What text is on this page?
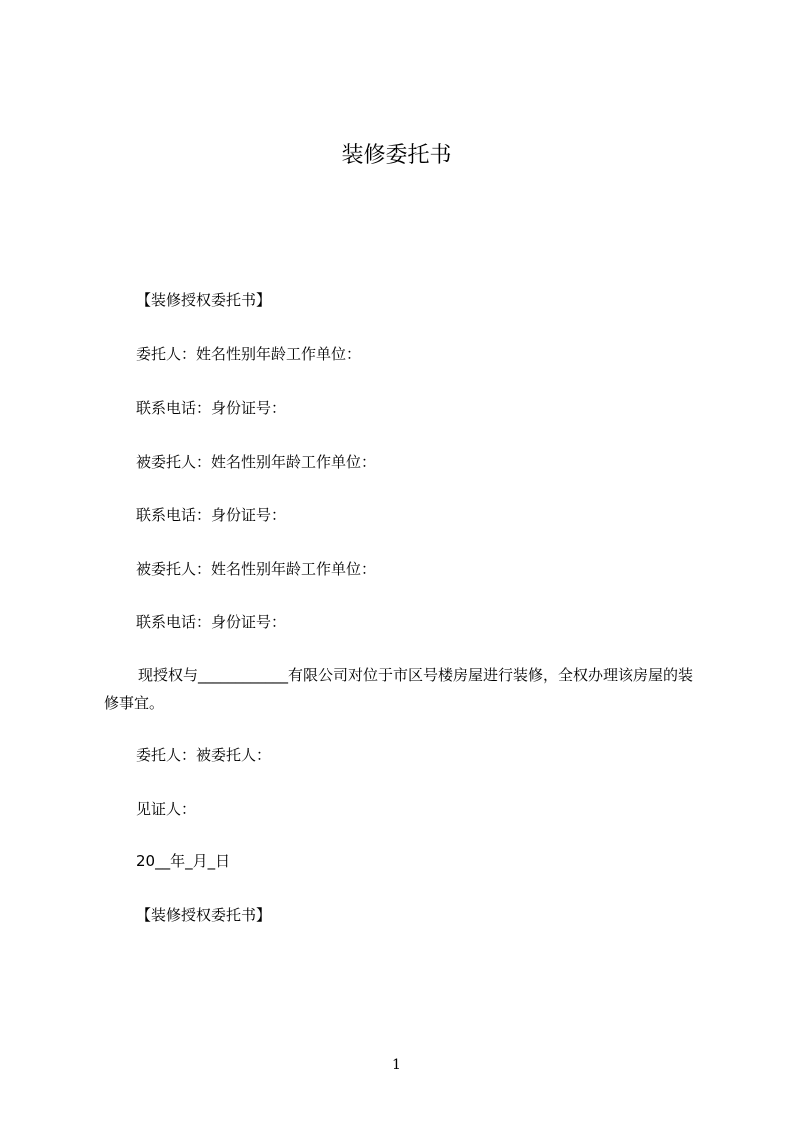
装修委托书
【装修授权委托书】
委托人：姓名性别年龄工作单位：
联系电话：身份证号：
被委托人：姓名性别年龄工作单位：
联系电话：身份证号：
被委托人：姓名性别年龄工作单位：
联系电话：身份证号：
现授权与____________有限公司对位于市区号楼房屋进行装修，全权办理该房屋的装修事宜。
委托人：被委托人：
见证人：
20__年_月_日
【装修授权委托书】
1
